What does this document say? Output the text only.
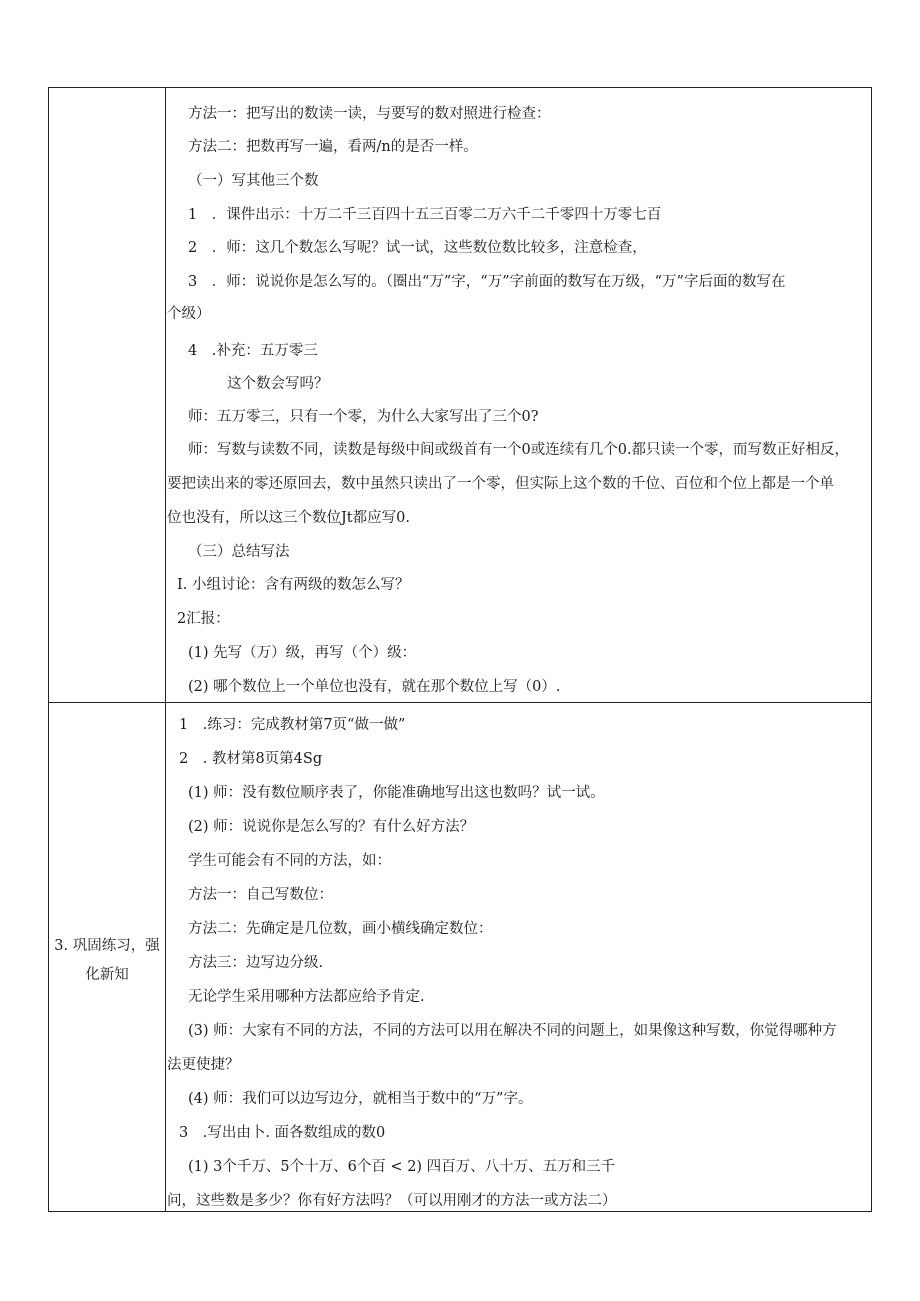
3. 巩固练习，强
化新知
方法一：把写出的数读一读，与要写的数对照进行检查：
方法二：把数再写一遍，看两/n的是否一样。
（一）写其他三个数
1　．课件出示：十万二千三百四十五三百零二万六千二千零四十万零七百
2　．师：这几个数怎么写呢？试一试，这些数位数比较多，注意检查，
3　．师：说说你是怎么写的。（圈出“万”字，“万”字前面的数写在万级，“万”字后面的数写在
个级）
4　.补充：五万零三
这个数会写吗？
师：五万零三，只有一个零，为什么大家写出了三个0?
师：写数与读数不同，读数是每级中间或级首有一个0或连续有几个0.都只读一个零，而写数正好相反，
要把读出来的零还原回去，数中虽然只读出了一个零，但实际上这个数的千位、百位和个位上都是一个单
位也没有，所以这三个数位Jt都应写0.
（三）总结写法
I. 小组讨论：含有两级的数怎么写？
2汇报：
(1) 先写（万）级，再写（个）级：
(2) 哪个数位上一个单位也没有，就在那个数位上写（0）.
1　.练习：完成教材第7页“做一做”
2　. 教材第8页第4Sg
(1) 师：没有数位顺序表了，你能准确地写出这也数吗？试一试。
(2) 师：说说你是怎么写的？有什么好方法？
学生可能会有不同的方法，如：
方法一：自己写数位：
方法二：先确定是几位数，画小横线确定数位：
方法三：边写边分级.
无论学生采用哪种方法都应给予肯定.
(3) 师：大家有不同的方法，不同的方法可以用在解决不同的问题上，如果像这种写数，你觉得哪种方
法更使捷？
(4) 师：我们可以边写边分，就相当于数中的“万”字。
3　.写出由卜. 面各数组成的数0
(1) 3个千万、5个十万、6个百 < 2) 四百万、八十万、五万和三千
问，这些数是多少？你有好方法吗？（可以用刚才的方法一或方法二）
